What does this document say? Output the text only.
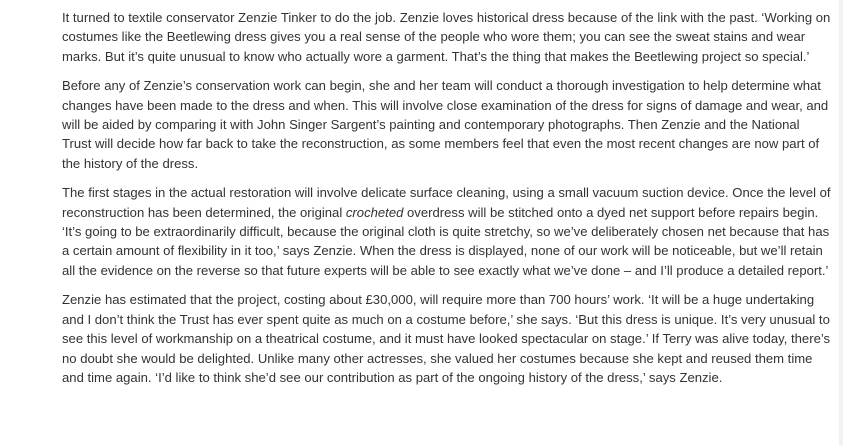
It turned to textile conservator Zenzie Tinker to do the job. Zenzie loves historical dress because of the link with the past. ‘Working on costumes like the Beetlewing dress gives you a real sense of the people who wore them; you can see the sweat stains and wear marks. But it’s quite unusual to know who actually wore a garment. That’s the thing that makes the Beetlewing project so special.’

Before any of Zenzie’s conservation work can begin, she and her team will conduct a thorough investigation to help determine what changes have been made to the dress and when. This will involve close examination of the dress for signs of damage and wear, and will be aided by comparing it with John Singer Sargent’s painting and contemporary photographs. Then Zenzie and the National Trust will decide how far back to take the reconstruction, as some members feel that even the most recent changes are now part of the history of the dress.

The first stages in the actual restoration will involve delicate surface cleaning, using a small vacuum suction device. Once the level of reconstruction has been determined, the original crocheted overdress will be stitched onto a dyed net support before repairs begin. ‘It’s going to be extraordinarily difficult, because the original cloth is quite stretchy, so we’ve deliberately chosen net because that has a certain amount of flexibility in it too,’ says Zenzie. When the dress is displayed, none of our work will be noticeable, but we’ll retain all the evidence on the reverse so that future experts will be able to see exactly what we’ve done – and I’ll produce a detailed report.’

Zenzie has estimated that the project, costing about £30,000, will require more than 700 hours’ work. ‘It will be a huge undertaking and I don’t think the Trust has ever spent quite as much on a costume before,’ she says. ‘But this dress is unique. It’s very unusual to see this level of workmanship on a theatrical costume, and it must have looked spectacular on stage.’ If Terry was alive today, there’s no doubt she would be delighted. Unlike many other actresses, she valued her costumes because she kept and reused them time and time again. ‘I’d like to think she’d see our contribution as part of the ongoing history of the dress,’ says Zenzie.
